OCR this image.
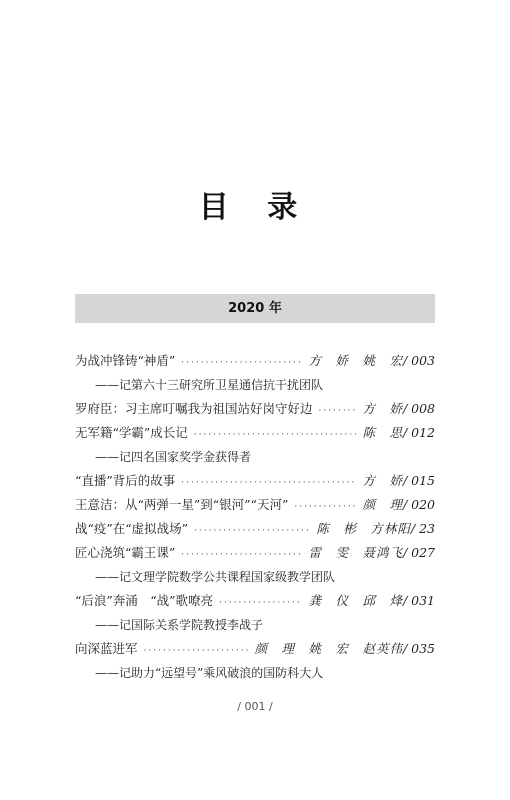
目 录
2020 年
为战冲锋铸“神盾” ·····	方　娇　姚　宏 / 003
——记第六十三研究所卫星通信抗干扰团队
罗府臣：习主席叮嘱我为祖国站好岗守好边 ·····	方　娇 / 008
无军籍“学霸”成长记 ·····	陈　思 / 012
——记四名国家奖学金获得者
“直播”背后的故事 ·····	方　娇 / 015
王意洁：从“两弹一星”到“银河”“天河” ·····	颜　理 / 020
战“疫”在“虚拟战场” ·····	陈　彬　方林阳 / 23
匠心浇筑“霸王课” ·····	雷　雯　聂鸿飞 / 027
——记文理学院数学公共课程国家级教学团队
“后浪”奔涌　“战”歌嘹亮 ·····	龚　仪　邱　烽 / 031
——记国际关系学院教授李战子
向深蓝进军 ·····	颜　理　姚　宏　赵英伟 / 035
——记助力“远望号”乘风破浪的国防科大人
∕ 001 ∕
